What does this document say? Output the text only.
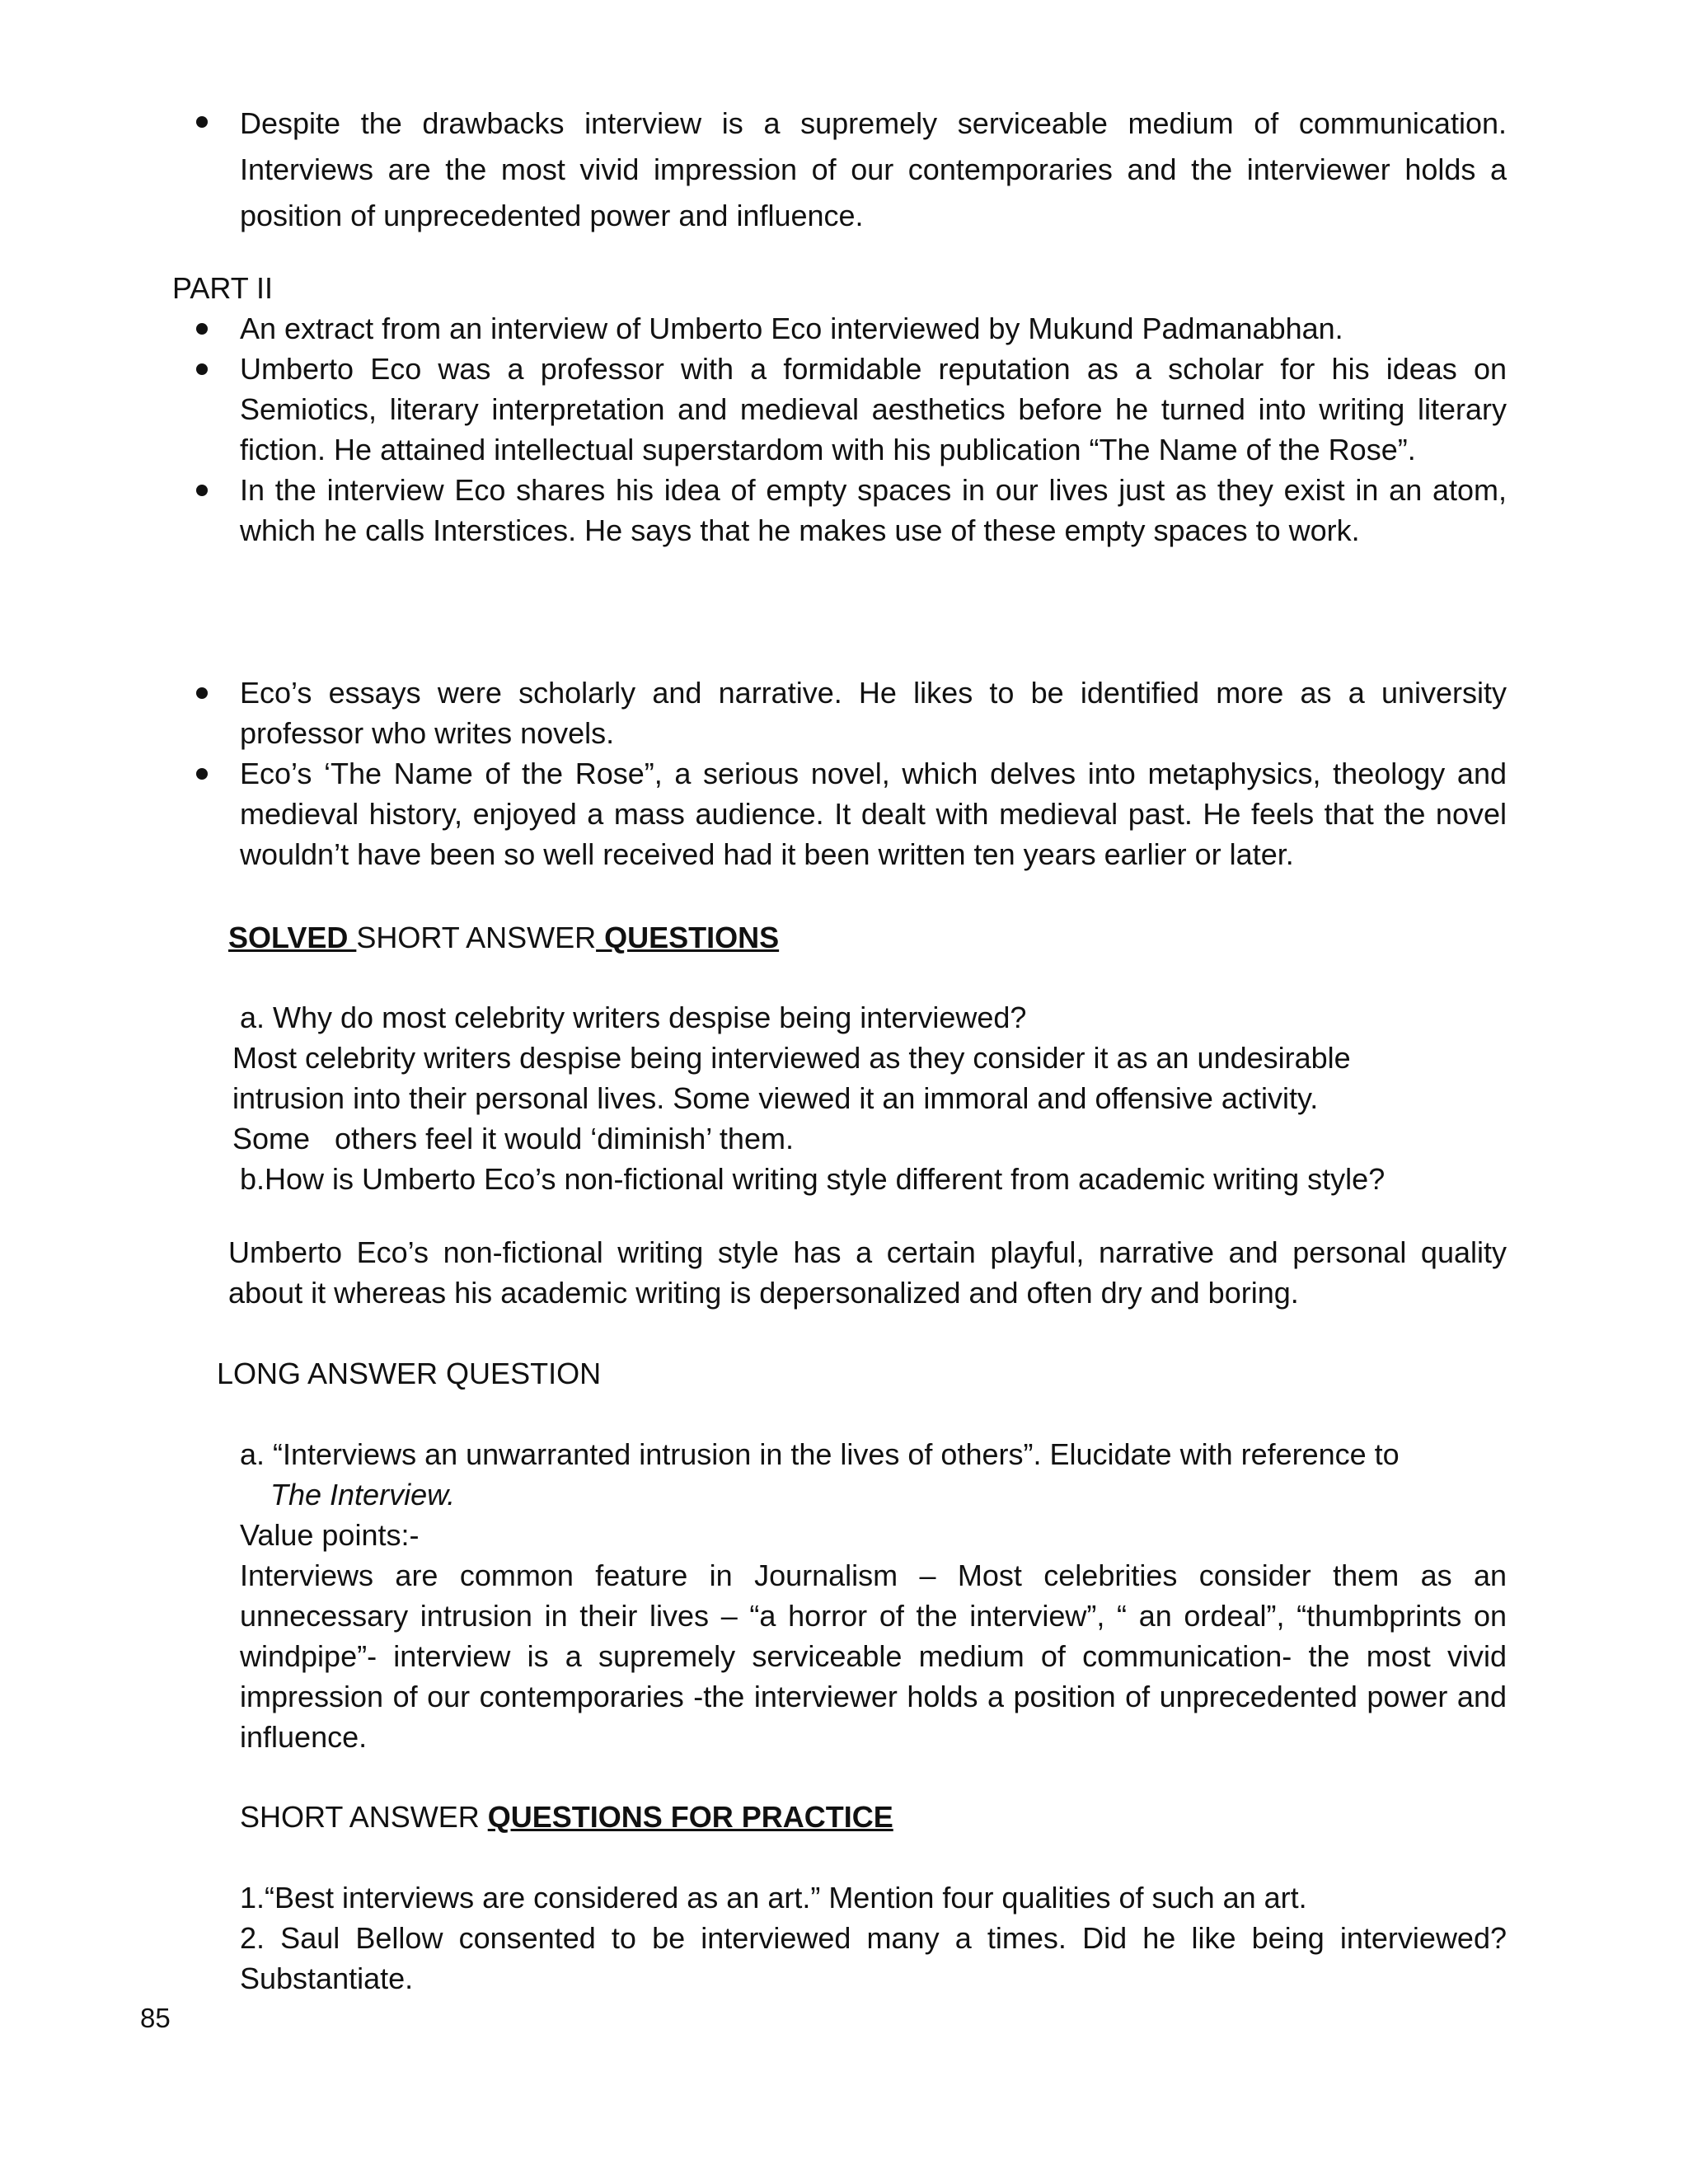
Despite the drawbacks interview is a supremely serviceable medium of communication. Interviews are the most vivid impression of our contemporaries and the interviewer holds a position of unprecedented power and influence.
PART II
An extract from an interview of Umberto Eco interviewed by Mukund Padmanabhan.
Umberto Eco was a professor with a formidable reputation as a scholar for his ideas on Semiotics, literary interpretation and medieval aesthetics before he turned into writing literary fiction. He attained intellectual superstardom with his publication “The Name of the Rose”.
In the interview Eco shares his idea of empty spaces in our lives just as they exist in an atom, which he calls Interstices. He says that he makes use of these empty spaces to work.
Eco’s essays were scholarly and narrative. He likes to be identified more as a university professor who writes novels.
Eco’s ‘The Name of the Rose”, a serious novel, which delves into metaphysics, theology and medieval history, enjoyed a mass audience. It dealt with medieval past. He feels that the novel wouldn’t have been so well received had it been written ten years earlier or later.
SOLVED SHORT ANSWER QUESTIONS
a. Why do most celebrity writers despise being interviewed?
Most celebrity writers despise being interviewed as they consider it as an undesirable
intrusion into their personal lives. Some viewed it an immoral and offensive activity.
Some   others feel it would ‘diminish’ them.
b.How is Umberto Eco’s non-fictional writing style different from academic writing style?
Umberto Eco’s non-fictional writing style has a certain playful, narrative and personal quality about it whereas his academic writing is depersonalized and often dry and boring.
LONG ANSWER QUESTION
a. “Interviews an unwarranted intrusion in the lives of others”. Elucidate with reference to
The Interview.
Value points:-
Interviews are common feature in Journalism – Most celebrities consider them as an unnecessary intrusion in their lives – “a horror of the interview”, “ an ordeal”, “thumbprints on windpipe”- interview is a supremely serviceable medium of communication- the most vivid impression of our contemporaries -the interviewer holds a position of unprecedented power and influence.
SHORT ANSWER QUESTIONS FOR PRACTICE
1.“Best interviews are considered as an art.” Mention four qualities of such an art.
2. Saul Bellow consented to be interviewed many a times. Did he like being interviewed? Substantiate.
85
